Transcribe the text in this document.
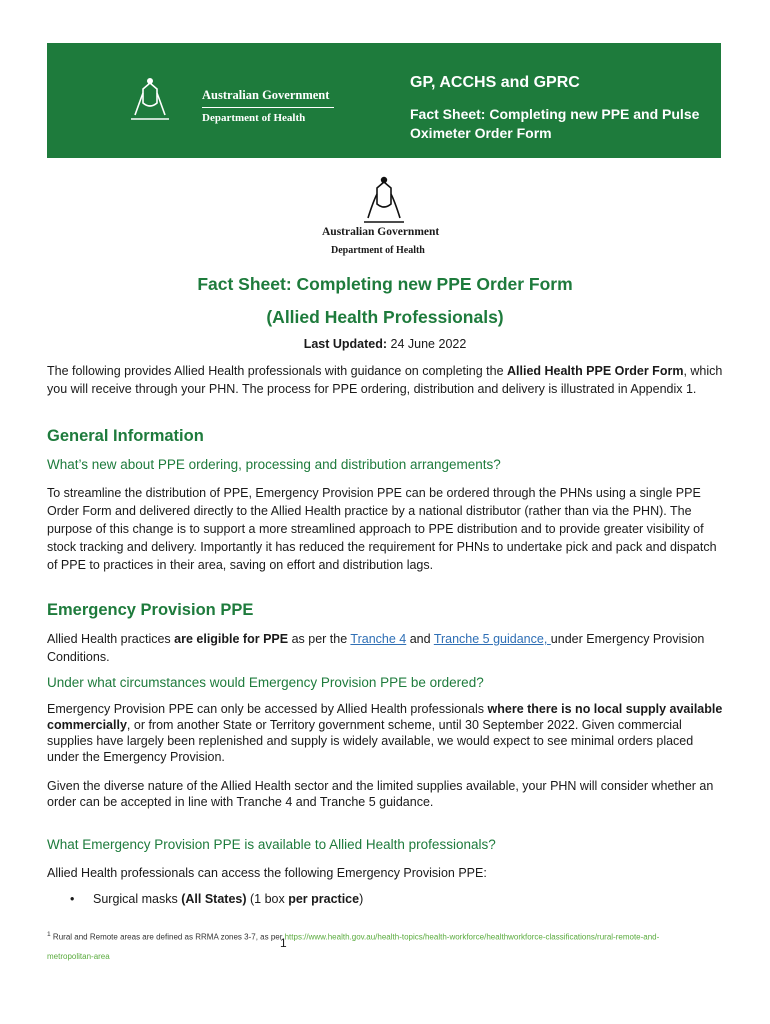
Australian Government
Department of Health
GP, ACCHS and GPRC
Fact Sheet: Completing new PPE and Pulse Oximeter Order Form
Australian Government
Department of Health
Fact Sheet: Completing new PPE Order Form
(Allied Health Professionals)
Last Updated: 24 June 2022
The following provides Allied Health professionals with guidance on completing the Allied Health PPE Order Form, which you will receive through your PHN. The process for PPE ordering, distribution and delivery is illustrated in Appendix 1.
General Information
What’s new about PPE ordering, processing and distribution arrangements?
To streamline the distribution of PPE, Emergency Provision PPE can be ordered through the PHNs using a single PPE Order Form and delivered directly to the Allied Health practice by a national distributor (rather than via the PHN). The purpose of this change is to support a more streamlined approach to PPE distribution and to provide greater visibility of stock tracking and delivery. Importantly it has reduced the requirement for PHNs to undertake pick and pack and dispatch of PPE to practices in their area, saving on effort and distribution lags.
Emergency Provision PPE
Allied Health practices are eligible for PPE as per the Tranche 4 and Tranche 5 guidance, under Emergency Provision Conditions.
Under what circumstances would Emergency Provision PPE be ordered?
Emergency Provision PPE can only be accessed by Allied Health professionals where there is no local supply available commercially, or from another State or Territory government scheme, until 30 September 2022. Given commercial supplies have largely been replenished and supply is widely available, we would expect to see minimal orders placed under the Emergency Provision.
Given the diverse nature of the Allied Health sector and the limited supplies available, your PHN will consider whether an order can be accepted in line with Tranche 4 and Tranche 5 guidance.
What Emergency Provision PPE is available to Allied Health professionals?
Allied Health professionals can access the following Emergency Provision PPE:
• Surgical masks (All States) (1 box per practice)
$^1$ Rural and Remote areas are defined as RRMA zones 3-7, as per https://www.health.gov.au/health-topics/health-workforce/healthworkforce-classifications/rural-remote-and-metropolitan-area
1
